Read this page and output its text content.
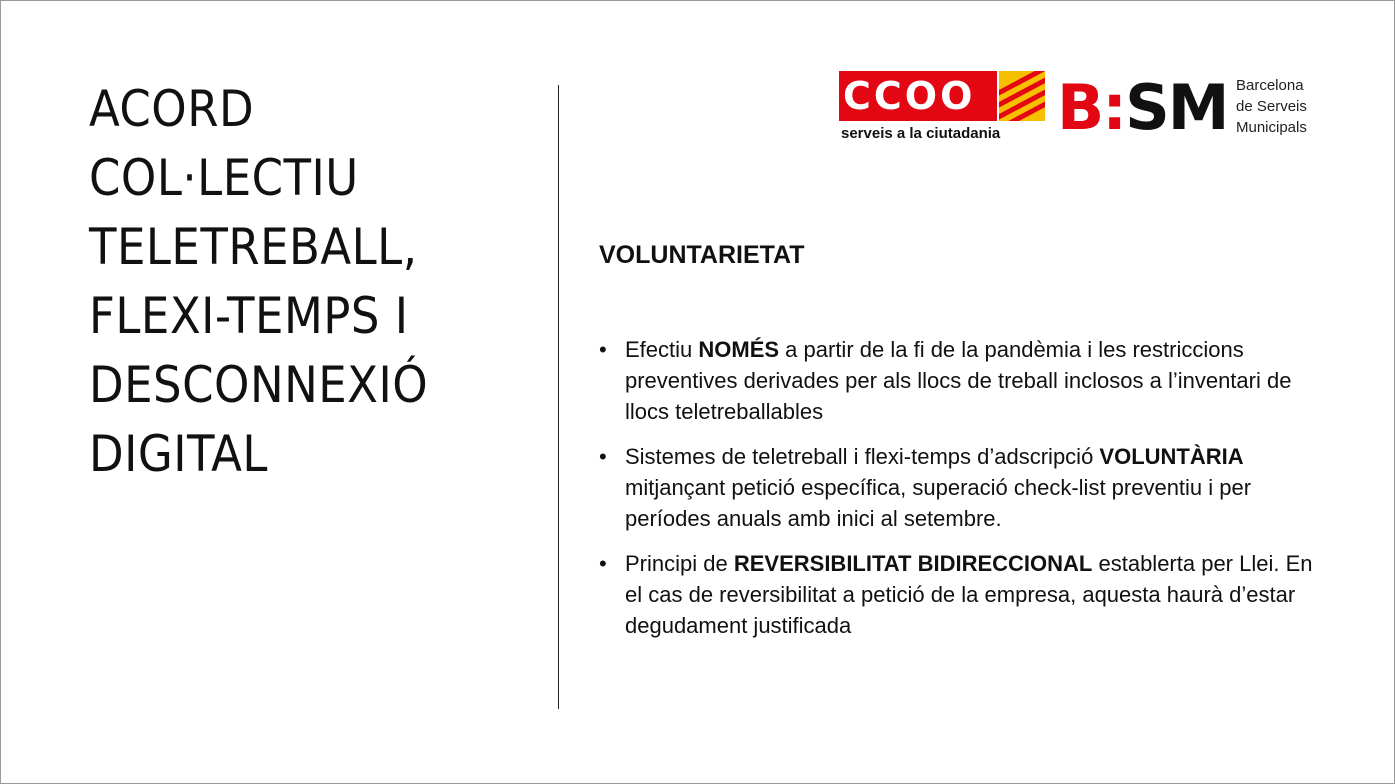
ACORD
COL·LECTIU
TELETREBALL,
FLEXI-TEMPS I
DESCONNEXIÓ
DIGITAL
CCOO
serveis a la ciutadania B:SM Barcelona
de Serveis
Municipals
VOLUNTARIETAT
• Efectiu NOMÉS a partir de la fi de la pandèmia i les restriccions preventives derivades per als llocs de treball inclosos a l’inventari de llocs teletreballables
• Sistemes de teletreball i flexi-temps d’adscripció VOLUNTÀRIA mitjançant petició específica, superació check-list preventiu i per períodes anuals amb inici al setembre.
• Principi de REVERSIBILITAT BIDIRECCIONAL establerta per Llei. En el cas de reversibilitat a petició de la empresa, aquesta haurà d’estar degudament justificada
